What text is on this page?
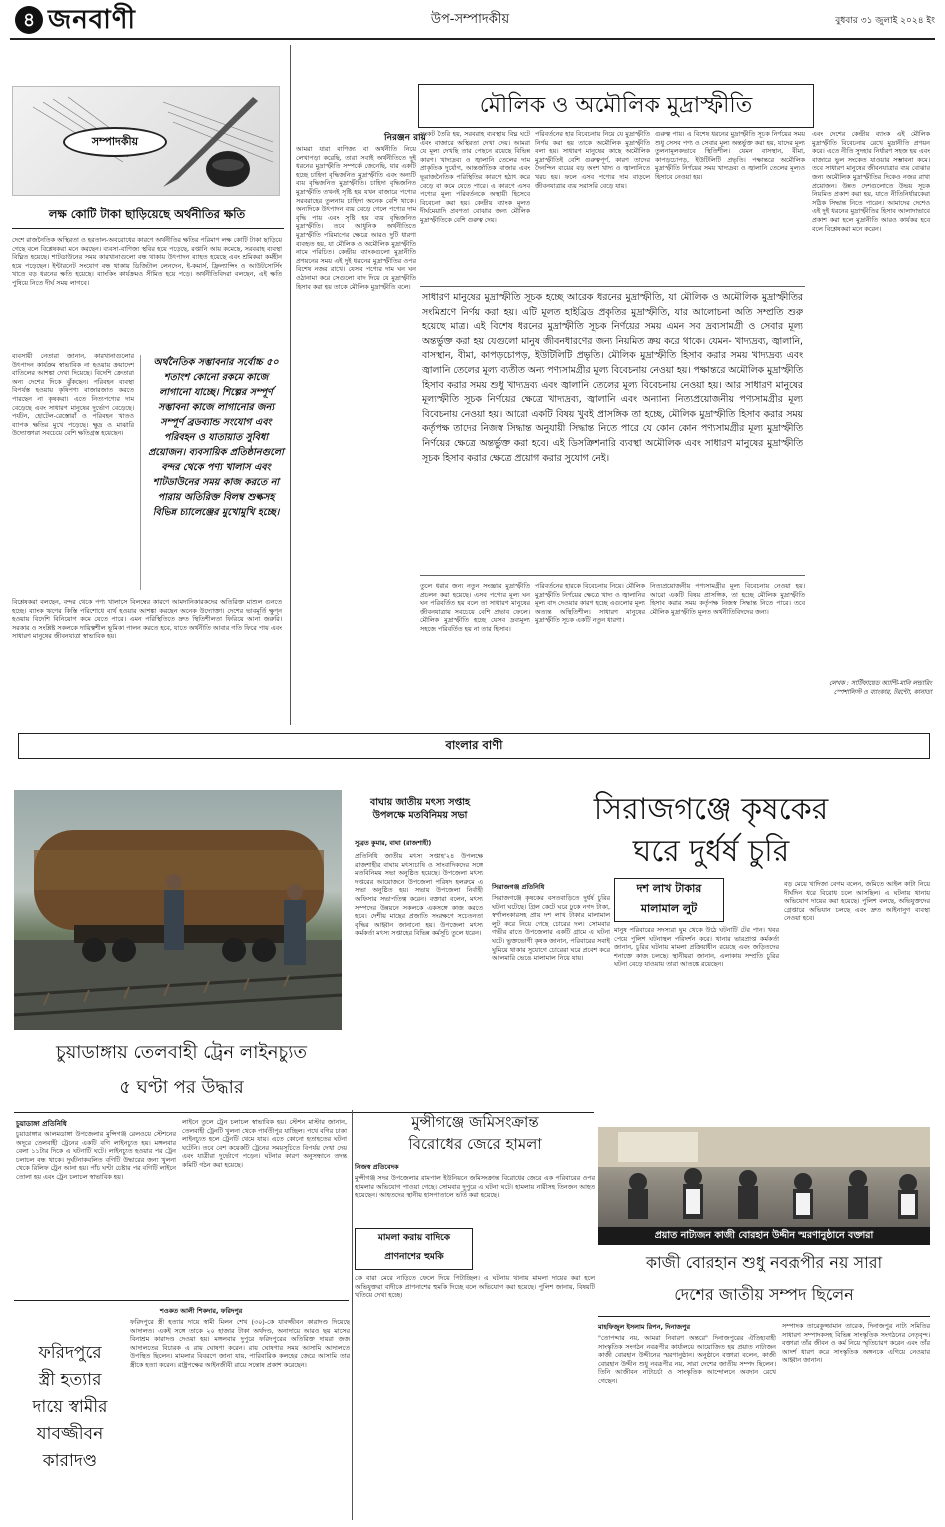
৪ জনবাণী	উপ-সম্পাদকীয়	বুধবার ৩১ জুলাই ২০২৪ ইং
সম্পাদকীয়
লক্ষ কোটি টাকা ছাড়িয়েছে অর্থনীতির ক্ষতি
দেশে রাজনৈতিক অস্থিরতা ও হরতাল-অবরোধের কারণে অর্থনীতির ক্ষতির পরিমাণ লক্ষ কোটি টাকা ছাড়িয়ে গেছে বলে বিশ্লেষকরা মনে করছেন। ব্যবসা-বাণিজ্য স্থবির হয়ে পড়েছে, রপ্তানি আয় কমেছে, সরবরাহ ব্যবস্থা বিঘ্নিত হয়েছে। শাটডাউনের সময় কারখানাগুলো বন্ধ থাকায় উৎপাদন ব্যাহত হয়েছে এবং শ্রমিকরা কর্মহীন হয়ে পড়েছেন। ইন্টারনেট সংযোগ বন্ধ থাকায় ডিজিটাল লেনদেন, ই-কমার্স, ফ্রিল্যান্সিং ও আউটসোর্সিং খাতে বড় ধরনের ক্ষতি হয়েছে। ব্যাংকিং কার্যক্রমও সীমিত হয়ে পড়ে। অর্থনীতিবিদরা বলছেন, এই ক্ষতি পুষিয়ে নিতে দীর্ঘ সময় লাগবে।
ব্যবসায়ী নেতারা জানান, কারখানাগুলোর উৎপাদন কার্যক্রম স্বাভাবিক না হওয়ায় ক্রয়াদেশ বাতিলের আশঙ্কা দেখা দিয়েছে। বিদেশি ক্রেতারা অন্য দেশের দিকে ঝুঁকছেন। পরিবহন ব্যবস্থা বিপর্যস্ত হওয়ায় কৃষিপণ্য বাজারজাত করতে পারছেন না কৃষকরা। এতে নিত্যপণ্যের দাম বেড়েছে এবং সাধারণ মানুষের দুর্ভোগ বেড়েছে। পর্যটন, হোটেল-রেস্তোরাঁ ও পরিবহন খাতও ব্যাপক ক্ষতির মুখে পড়েছে। ক্ষুদ্র ও মাঝারি উদ্যোক্তারা সবচেয়ে বেশি ক্ষতিগ্রস্ত হয়েছেন।
অর্থনৈতিক সম্ভাবনার সর্বোচ্চ ৫০ শতাংশ কোনো রকমে কাজে লাগানো যাচ্ছে। শিল্পের সম্পূর্ণ সম্ভাবনা কাজে লাগানোর জন্য সম্পূর্ণ ব্রডব্যান্ড সংযোগ এবং পরিবহন ও যাতায়াত সুবিধা প্রয়োজন। ব্যবসায়িক প্রতিষ্ঠানগুলো বন্দর থেকে পণ্য খালাস এবং শাটডাউনের সময় কাজ করতে না পারায় অতিরিক্ত বিলম্ব শুল্কসহ বিভিন্ন চ্যালেঞ্জের মুখোমুখি হচ্ছে।
বিশ্লেষকরা বলছেন, বন্দর থেকে পণ্য খালাসে বিলম্বের কারণে আমদানিকারকদের অতিরিক্ত মাশুল গুনতে হচ্ছে। ব্যাংক ঋণের কিস্তি পরিশোধে ব্যর্থ হওয়ার আশঙ্কা করছেন অনেক উদ্যোক্তা। দেশের ভাবমূর্তি ক্ষুণ্ন হওয়ায় বিদেশি বিনিয়োগ কমে যেতে পারে। এমন পরিস্থিতিতে দ্রুত স্থিতিশীলতা ফিরিয়ে আনা জরুরি। সরকার ও সংশ্লিষ্ট সকলকে দায়িত্বশীল ভূমিকা পালন করতে হবে, যাতে অর্থনীতি আবার গতি ফিরে পায় এবং সাধারণ মানুষের জীবনযাত্রা স্বাভাবিক হয়।
মৌলিক ও অমৌলিক মুদ্রাস্ফীতি
নিরঞ্জন রায়
আমরা যারা বাণিজ্য বা অর্থনীতি নিয়ে লেখাপড়া করেছি, তারা সবাই অর্থনীতিতে দুই ধরনের মুদ্রাস্ফীতি সম্পর্কে জেনেছি, যার একটি হচ্ছে চাহিদা বৃদ্ধিজনিত মুদ্রাস্ফীতি এবং অন্যটি ব্যয় বৃদ্ধিজনিত মুদ্রাস্ফীতি। চাহিদা বৃদ্ধিজনিত মুদ্রাস্ফীতি তখনই সৃষ্টি হয় যখন বাজারে পণ্যের সরবরাহের তুলনায় চাহিদা অনেক বেশি থাকে। অন্যদিকে উৎপাদন ব্যয় বেড়ে গেলে পণ্যের দাম বৃদ্ধি পায় এবং সৃষ্টি হয় ব্যয় বৃদ্ধিজনিত মুদ্রাস্ফীতি। তবে আধুনিক অর্থনীতিতে মুদ্রাস্ফীতি পরিমাপের ক্ষেত্রে আরও দুটি ধারণা ব্যবহৃত হয়, যা মৌলিক ও অমৌলিক মুদ্রাস্ফীতি নামে পরিচিত। কেন্দ্রীয় ব্যাংকগুলো মুদ্রানীতি প্রণয়নের সময় এই দুই ধরনের মুদ্রাস্ফীতির ওপর বিশেষ নজর রাখে। যেসব পণ্যের দাম ঘন ঘন ওঠানামা করে সেগুলো বাদ দিয়ে যে মুদ্রাস্ফীতি হিসাব করা হয় তাকে মৌলিক মুদ্রাস্ফীতি বলে।
সংকট তৈরি হয়, সরবরাহ ব্যবস্থায় বিঘ্ন ঘটে এবং বাজারে অস্থিরতা দেখা দেয়। আমরা যে মূল্য দেখছি তার পেছনে রয়েছে বিভিন্ন কারণ। খাদ্যদ্রব্য ও জ্বালানি তেলের দাম প্রাকৃতিক দুর্যোগ, আন্তর্জাতিক বাজার এবং ভূরাজনৈতিক পরিস্থিতির কারণে হঠাৎ করে বেড়ে বা কমে যেতে পারে। এ কারণে এসব পণ্যের মূল্য পরিবর্তনকে অস্থায়ী হিসেবে বিবেচনা করা হয়। কেন্দ্রীয় ব্যাংক মূলত দীর্ঘমেয়াদি প্রবণতা বোঝার জন্য মৌলিক মুদ্রাস্ফীতিকে বেশি গুরুত্ব দেয়।
পরিবর্তনের হার বিবেচনায় নিয়ে যে মুদ্রাস্ফীতি নির্ণয় করা হয় তাকে অমৌলিক মুদ্রাস্ফীতি বলা হয়। সাধারণ মানুষের কাছে অমৌলিক মুদ্রাস্ফীতিই বেশি গুরুত্বপূর্ণ, কারণ তাদের দৈনন্দিন ব্যয়ের বড় অংশ খাদ্য ও জ্বালানিতে খরচ হয়। ফলে এসব পণ্যের দাম বাড়লে জীবনযাত্রার ব্যয় সরাসরি বেড়ে যায়।
গুরুত্ব পায়। এ বিশেষ ধরনের মুদ্রাস্ফীতি সূচক নির্ণয়ের সময় শুধু সেসব পণ্য ও সেবার মূল্য অন্তর্ভুক্ত করা হয়, যাদের মূল্য তুলনামূলকভাবে স্থিতিশীল। যেমন বাসস্থান, বীমা, কাপড়চোপড়, ইউটিলিটি প্রভৃতি। পক্ষান্তরে অমৌলিক মুদ্রাস্ফীতি নির্ণয়ের সময় খাদ্যদ্রব্য ও জ্বালানি তেলের মূল্যও হিসাবে নেওয়া হয়।
এবং দেশের কেন্দ্রীয় ব্যাংক এই মৌলিক মুদ্রাস্ফীতি বিবেচনায় রেখে মুদ্রানীতি প্রণয়ন করে। এতে নীতি সুদহার নির্ধারণ সহজ হয় এবং বাজারে ভুল সংকেত যাওয়ার সম্ভাবনা কমে। তবে সাধারণ মানুষের জীবনযাত্রার ব্যয় বোঝার জন্য অমৌলিক মুদ্রাস্ফীতির দিকেও নজর রাখা প্রয়োজন। উন্নত দেশগুলোতে উভয় সূচক নিয়মিত প্রকাশ করা হয়, যাতে নীতিনির্ধারকেরা সঠিক সিদ্ধান্ত নিতে পারেন। আমাদের দেশেও এই দুই ধরনের মুদ্রাস্ফীতির হিসাব আলাদাভাবে প্রকাশ করা হলে মুদ্রানীতি আরও কার্যকর হবে বলে বিশ্লেষকরা মনে করেন।
সাধারণ মানুষের মুদ্রাস্ফীতি সূচক হচ্ছে আরেক ধরনের মুদ্রাস্ফীতি, যা মৌলিক ও অমৌলিক মুদ্রাস্ফীতির সংমিশ্রণে নির্ণয় করা হয়। এটি মূলত হাইব্রিড প্রকৃতির মুদ্রাস্ফীতি, যার আলোচনা অতি সম্প্রতি শুরু হয়েছে মাত্র। এই বিশেষ ধরনের মুদ্রাস্ফীতি সূচক নির্ণয়ের সময় এমন সব দ্রব্যসামগ্রী ও সেবার মূল্য অন্তর্ভুক্ত করা হয় যেগুলো মানুষ জীবনধারণের জন্য নিয়মিত ক্রয় করে থাকে। যেমন- খাদ্যদ্রব্য, জ্বালানি, বাসস্থান, বীমা, কাপড়চোপড়, ইউটিলিটি প্রভৃতি। মৌলিক মুদ্রাস্ফীতি হিসাব করার সময় খাদ্যদ্রব্য এবং জ্বালানি তেলের মূল্য ব্যতীত অন্য পণ্যসামগ্রীর মূল্য বিবেচনায় নেওয়া হয়। পক্ষান্তরে অমৌলিক মুদ্রাস্ফীতি হিসাব করার সময় শুধু খাদ্যদ্রব্য এবং জ্বালানি তেলের মূল্য বিবেচনায় নেওয়া হয়। আর সাধারণ মানুষের মূল্যস্ফীতি সূচক নির্ণয়ের ক্ষেত্রে খাদ্যদ্রব্য, জ্বালানি এবং অন্যান্য নিত্যপ্রয়োজনীয় পণ্যসামগ্রীর মূল্য বিবেচনায় নেওয়া হয়। আরো একটি বিষয় খুবই প্রাসঙ্গিক তা হচ্ছে, মৌলিক মুদ্রাস্ফীতি হিসাব করার সময় কর্তৃপক্ষ তাদের নিজস্ব সিদ্ধান্ত অনুযায়ী সিদ্ধান্ত নিতে পারে যে কোন কোন পণ্যসামগ্রীর মূল্য মুদ্রাস্ফীতি নির্ণয়ের ক্ষেত্রে অন্তর্ভুক্ত করা হবে। এই ডিসক্রিশনারি ব্যবস্থা অমৌলিক এবং সাধারণ মানুষের মুদ্রাস্ফীতি সূচক হিসাব করার ক্ষেত্রে প্রয়োগ করার সুযোগ নেই।
তুলে ধরার জন্য নতুন সংজ্ঞার মুদ্রাস্ফীতি প্রচলন করা হয়েছে। এসব পণ্যের মূল্য ঘন ঘন পরিবর্তিত হয় বলে তা সাধারণ মানুষের জীবনযাত্রায় সবচেয়ে বেশি প্রভাব ফেলে। মৌলিক মুদ্রাস্ফীতি হচ্ছে যেসব দ্রব্যমূল্য সহজে পরিবর্তিত হয় না তার হিসাব।
পরিবর্তনের হারকে বিবেচনায় নিয়ে। মৌলিক মুদ্রাস্ফীতি নির্ণয়ের ক্ষেত্রে খাদ্য ও জ্বালানির মূল্য বাদ দেওয়ার কারণ হচ্ছে এগুলোর মূল্য অত্যন্ত অস্থিতিশীল। সাধারণ মানুষের মুদ্রাস্ফীতি সূচক একটি নতুন ধারণা।
নিত্যপ্রয়োজনীয় পণ্যসামগ্রীর মূল্য বিবেচনায় নেওয়া হয়। আরো একটি বিষয় প্রাসঙ্গিক, তা হচ্ছে মৌলিক মুদ্রাস্ফীতি হিসাব করার সময় কর্তৃপক্ষ নিজস্ব সিদ্ধান্ত নিতে পারে। তবে মৌলিক মুদ্রাস্ফীতি মূলত অর্থনীতিবিদদের জন্য।
লেখক : সার্টিফায়েড অ্যান্টি-মানি লন্ডারিং স্পেশালিস্ট ও ব্যাংকার, টরন্টো, কানাডা
বাংলার বাণী
চুয়াডাঙ্গায় তেলবাহী ট্রেন লাইনচ্যুত
৫ ঘণ্টা পর উদ্ধার
চুয়াডাঙ্গা প্রতিনিধি
চুয়াডাঙ্গার আলমডাঙ্গা উপজেলার মুন্সিগঞ্জ রেলওয়ে স্টেশনের অদূরে তেলবাহী ট্রেনের একটি বগি লাইনচ্যুত হয়। মঙ্গলবার বেলা ১১টার দিকে এ ঘটনাটি ঘটে। লাইনচ্যুত হওয়ার পর ট্রেন চলাচল বন্ধ থাকে। দুর্ঘটনাকবলিত বগিটি উদ্ধারের জন্য খুলনা থেকে রিলিফ ট্রেন আনা হয়। পাঁচ ঘণ্টা চেষ্টার পর বগিটি লাইনে তোলা হয় এবং ট্রেন চলাচল স্বাভাবিক হয়।
লাইনে তুলে ট্রেন চলাচল স্বাভাবিক হয়। স্টেশন মাস্টার জানান, তেলবাহী ট্রেনটি খুলনা থেকে পার্বতীপুর যাচ্ছিল। পথে বগির চাকা লাইনচ্যুত হলে ট্রেনটি থেমে যায়। এতে কোনো হতাহতের ঘটনা ঘটেনি। তবে বেশ কয়েকটি ট্রেনের সময়সূচিতে বিপর্যয় দেখা দেয় এবং যাত্রীরা দুর্ভোগে পড়েন। ঘটনার কারণ অনুসন্ধানে তদন্ত কমিটি গঠন করা হয়েছে।
বাঘায় জাতীয় মৎস্য সপ্তাহ উপলক্ষে মতবিনিময় সভা
সুব্রত কুমার, বাঘা (রাজশাহী)
প্রতিনিধি জাতীয় মৎস্য সপ্তাহ'২৪ উপলক্ষে রাজশাহীর বাঘায় মৎস্যচাষি ও সাংবাদিকদের সঙ্গে মতবিনিময় সভা অনুষ্ঠিত হয়েছে। উপজেলা মৎস্য দপ্তরের আয়োজনে উপজেলা পরিষদ হলরুমে এ সভা অনুষ্ঠিত হয়। সভায় উপজেলা নির্বাহী অফিসার সভাপতিত্ব করেন। বক্তারা বলেন, মৎস্য সম্পদের উন্নয়নে সকলকে একসঙ্গে কাজ করতে হবে। দেশীয় মাছের প্রজাতি সংরক্ষণে সচেতনতা বৃদ্ধির আহ্বান জানানো হয়। উপজেলা মৎস্য কর্মকর্তা মৎস্য সপ্তাহের বিভিন্ন কর্মসূচি তুলে ধরেন।
সিরাজগঞ্জে কৃষকের
ঘরে দুর্ধর্ষ চুরি
দশ লাখ টাকার
মালামাল লুট
সিরাজগঞ্জ প্রতিনিধি
সিরাজগঞ্জে কৃষকের বসতবাড়িতে দুর্ধর্ষ চুরির ঘটনা ঘটেছে। গ্রিল কেটে ঘরে ঢুকে নগদ টাকা, স্বর্ণালংকারসহ প্রায় দশ লাখ টাকার মালামাল লুট করে নিয়ে গেছে চোরের দল। সোমবার গভীর রাতে উপজেলার একটি গ্রামে এ ঘটনা ঘটে। ভুক্তভোগী কৃষক জানান, পরিবারের সবাই ঘুমিয়ে থাকার সুযোগে চোরেরা ঘরে প্রবেশ করে আলমারি ভেঙে মালামাল নিয়ে যায়।
মানুষ পরিবারের সদস্যরা ঘুম থেকে উঠে ঘটনাটি টের পান। খবর পেয়ে পুলিশ ঘটনাস্থল পরিদর্শন করে। থানার ভারপ্রাপ্ত কর্মকর্তা জানান, চুরির ঘটনায় মামলা প্রক্রিয়াধীন রয়েছে এবং জড়িতদের শনাক্তে কাজ চলছে। স্থানীয়রা জানান, এলাকায় সম্প্রতি চুরির ঘটনা বেড়ে যাওয়ায় তারা আতঙ্কে রয়েছেন।
বড় মেয়ে খাদিজা বেগম বলেন, জমিতে আইল কাটা নিয়ে দীর্ঘদিন ধরে বিরোধ চলে আসছিল। এ ঘটনায় থানায় অভিযোগ দায়ের করা হয়েছে। পুলিশ বলছে, অভিযুক্তদের গ্রেপ্তারে অভিযান চলছে এবং দ্রুত আইনানুগ ব্যবস্থা নেওয়া হবে।
মুন্সীগঞ্জে জমিসংক্রান্ত
বিরোধের জেরে হামলা
নিজস্ব প্রতিবেদক
মুন্সীগঞ্জ সদর উপজেলার রামপাল ইউনিয়নে জমিসংক্রান্ত বিরোধের জেরে এক পরিবারের ওপর হামলার অভিযোগ পাওয়া গেছে। সোমবার দুপুরে এ ঘটনা ঘটে। হামলায় নারীসহ তিনজন আহত হয়েছেন। আহতদের স্থানীয় হাসপাতালে ভর্তি করা হয়েছে।
মামলা করায় বাদিকে
প্রাণনাশের হুমকি
কে বারা মেরে নাড়িতে ফেলে দিয়ে পিটাচ্ছিল। এ ঘটনায় থানায় মামলা দায়ের করা হলে অভিযুক্তরা বাদীকে প্রাণনাশের হুমকি দিচ্ছে বলে অভিযোগ করা হয়েছে। পুলিশ জানায়, বিষয়টি খতিয়ে দেখা হচ্ছে।
প্রয়াত নাট্যজন কাজী বোরহান উদ্দীন স্মরণানুষ্ঠানে বক্তারা
কাজী বোরহান শুধু নবরূপীর নয় সারা
দেশের জাতীয় সম্পদ ছিলেন
মাহফিজুল ইসলাম রিপন, দিনাজপুর
"তোপদ্দার নয়, আমরা নিবারণ অন্তরে" দিনাজপুরের ঐতিহ্যবাহী সাংস্কৃতিক সংগঠন নবরূপীর কার্যালয়ে আয়োজিত হয় প্রয়াত নাট্যজন কাজী বোরহান উদ্দীনের স্মরণানুষ্ঠান। অনুষ্ঠানে বক্তারা বলেন, কাজী বোরহান উদ্দীন শুধু নবরূপীর নয়, সারা দেশের জাতীয় সম্পদ ছিলেন। তিনি আজীবন নাট্যচর্চা ও সাংস্কৃতিক আন্দোলনে অবদান রেখে গেছেন।
সম্পাদক তারেকুজ্জামান তারেক, দিনাজপুর নাট্য সমিতির সাধারণ সম্পাদকসহ বিভিন্ন সাংস্কৃতিক সংগঠনের নেতৃবৃন্দ। বক্তারা তাঁর জীবন ও কর্ম নিয়ে স্মৃতিচারণ করেন এবং তাঁর আদর্শ ধারণ করে সাংস্কৃতিক অঙ্গনকে এগিয়ে নেওয়ার আহ্বান জানান।
শওকত আলী শিকদার, ফরিদপুর
ফরিদপুরে
স্ত্রী হত্যার
দায়ে স্বামীর
যাবজ্জীবন
কারাদণ্ড
ফরিদপুরে স্ত্রী হত্যার দায়ে স্বামী মিলন শেখ (৩০)-কে যাবজ্জীবন কারাদণ্ড দিয়েছে আদালত। একই সঙ্গে তাকে ২০ হাজার টাকা অর্থদণ্ড, অনাদায়ে আরও ছয় মাসের বিনাশ্রম কারাদণ্ড দেওয়া হয়। মঙ্গলবার দুপুরে ফরিদপুরের অতিরিক্ত দায়রা জজ আদালতের বিচারক এ রায় ঘোষণা করেন। রায় ঘোষণার সময় আসামি আদালতে উপস্থিত ছিলেন। মামলার বিবরণে জানা যায়, পারিবারিক কলহের জেরে আসামি তার স্ত্রীকে হত্যা করেন। রাষ্ট্রপক্ষের আইনজীবী রায়ে সন্তোষ প্রকাশ করেছেন।
